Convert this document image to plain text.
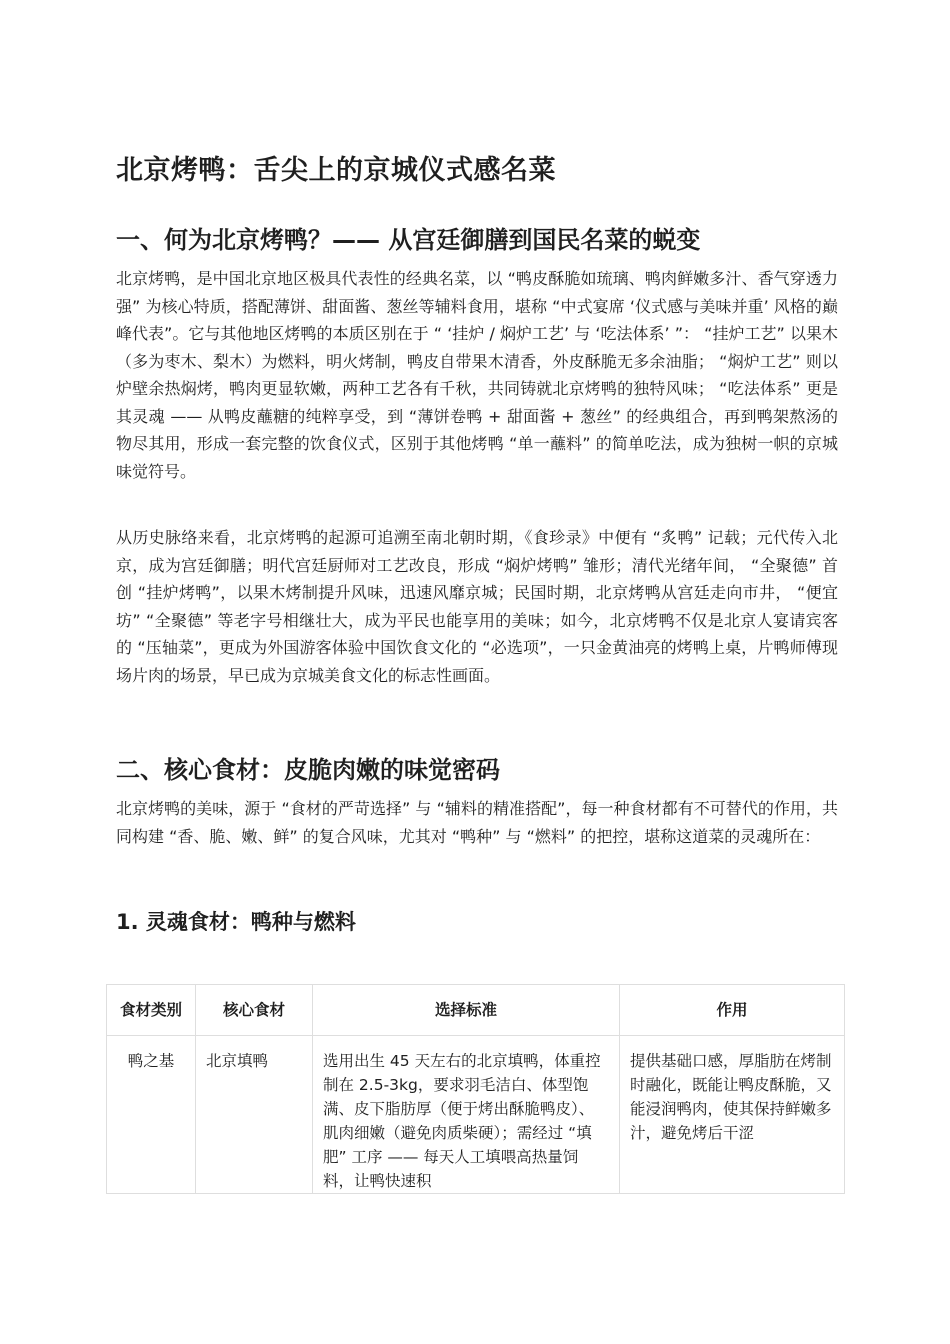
北京烤鸭：舌尖上的京城仪式感名菜
一、何为北京烤鸭？—— 从宫廷御膳到国民名菜的蜕变

北京烤鸭，是中国北京地区极具代表性的经典名菜，以 “鸭皮酥脆如琉璃、鸭肉鲜嫩多汁、香气穿透力强” 为核心特质，搭配薄饼、甜面酱、葱丝等辅料食用，堪称 “中式宴席 ‘仪式感与美味并重’ 风格的巅峰代表”。它与其他地区烤鸭的本质区别在于 “ ‘挂炉 / 焖炉工艺’ 与 ‘吃法体系’ ”： “挂炉工艺” 以果木（多为枣木、梨木）为燃料，明火烤制，鸭皮自带果木清香，外皮酥脆无多余油脂； “焖炉工艺” 则以炉壁余热焖烤，鸭肉更显软嫩，两种工艺各有千秋，共同铸就北京烤鸭的独特风味； “吃法体系” 更是其灵魂 —— 从鸭皮蘸糖的纯粹享受，到 “薄饼卷鸭 + 甜面酱 + 葱丝” 的经典组合，再到鸭架熬汤的物尽其用，形成一套完整的饮食仪式，区别于其他烤鸭 “单一蘸料” 的简单吃法，成为独树一帜的京城味觉符号。

从历史脉络来看，北京烤鸭的起源可追溯至南北朝时期，《食珍录》中便有 “炙鸭” 记载；元代传入北京，成为宫廷御膳；明代宫廷厨师对工艺改良，形成 “焖炉烤鸭” 雏形；清代光绪年间， “全聚德” 首创 “挂炉烤鸭”，以果木烤制提升风味，迅速风靡京城；民国时期，北京烤鸭从宫廷走向市井， “便宜坊” “全聚德” 等老字号相继壮大，成为平民也能享用的美味；如今，北京烤鸭不仅是北京人宴请宾客的 “压轴菜”，更成为外国游客体验中国饮食文化的 “必选项”，一只金黄油亮的烤鸭上桌，片鸭师傅现场片肉的场景，早已成为京城美食文化的标志性画面。

二、核心食材：皮脆肉嫩的味觉密码

北京烤鸭的美味，源于 “食材的严苛选择” 与 “辅料的精准搭配”，每一种食材都有不可替代的作用，共同构建 “香、脆、嫩、鲜” 的复合风味，尤其对 “鸭种” 与 “燃料” 的把控，堪称这道菜的灵魂所在：

1. 灵魂食材：鸭种与燃料
食材类别	核心食材	选择标准	作用

鸭之基	北京填鸭	选用出生 45 天左右的北京填鸭，体重控制在 2.5-3kg，要求羽毛洁白、体型饱满、皮下脂肪厚（便于烤出酥脆鸭皮）、肌肉细嫩（避免肉质柴硬）；需经过 “填肥” 工序 —— 每天人工填喂高热量饲料，让鸭快速积	提供基础口感，厚脂肪在烤制时融化，既能让鸭皮酥脆，又能浸润鸭肉，使其保持鲜嫩多汁，避免烤后干涩
